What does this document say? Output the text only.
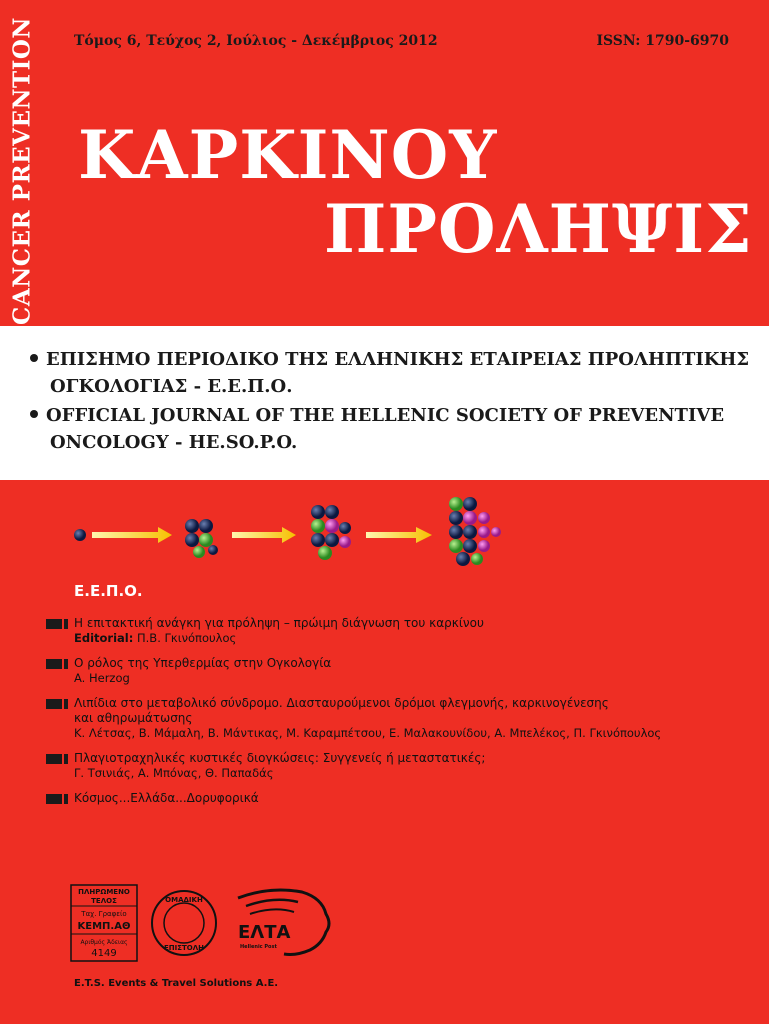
CANCER PREVENTION	Τόμος 6, Τεύχος 2, Ιούλιος - Δεκέμβριος 2012	ISSN: 1790-6970
ΚΑΡΚΙΝΟΥ
ΠΡΟΛΗΨΙΣ
ΕΠΙΣΗΜΟ ΠΕΡΙΟΔΙΚΟ ΤΗΣ ΕΛΛΗΝΙΚΗΣ ΕΤΑΙΡΕΙΑΣ ΠΡΟΛΗΠΤΙΚΗΣ
ΟΓΚΟΛΟΓΙΑΣ - Ε.Ε.Π.Ο.
OFFICIAL JOURNAL OF THE HELLENIC SOCIETY OF PREVENTIVE
ONCOLOGY - HE.SO.P.O.
Ε.Ε.Π.Ο.
Η επιτακτική ανάγκη για πρόληψη – πρώιμη διάγνωση του καρκίνου
Editorial: Π.Β. Γκινόπουλος
Ο ρόλος της Υπερθερμίας στην Ογκολογία
A. Herzog
Λιπίδια στο μεταβολικό σύνδρομο. Διασταυρούμενοι δρόμοι φλεγμονής, καρκινογένεσης
και αθηρωμάτωσης
Κ. Λέτσας, Β. Μάμαλη, Β. Μάντικας, Μ. Καραμπέτσου, Ε. Μαλακουνίδου, Α. Μπελέκος, Π. Γκινόπουλος
Πλαγιοτραχηλικές κυστικές διογκώσεις: Συγγενείς ή μεταστατικές;
Γ. Τσινιάς, Α. Μπόνας, Θ. Παπαδάς
Κόσμος...Ελλάδα...Δορυφορικά
ΠΛΗΡΩΜΕΝΟ
ΤΕΛΟΣ
Ταχ. Γραφείο
ΚΕΜΠ.ΑΘ
Αριθμός Άδειας
4149
ΟΜΑΔΙΚΗ
ΕΠΙΣΤΟΛΗ
ΕΛΤΑ
Hellenic Post
E.T.S. Events & Travel Solutions A.E.
